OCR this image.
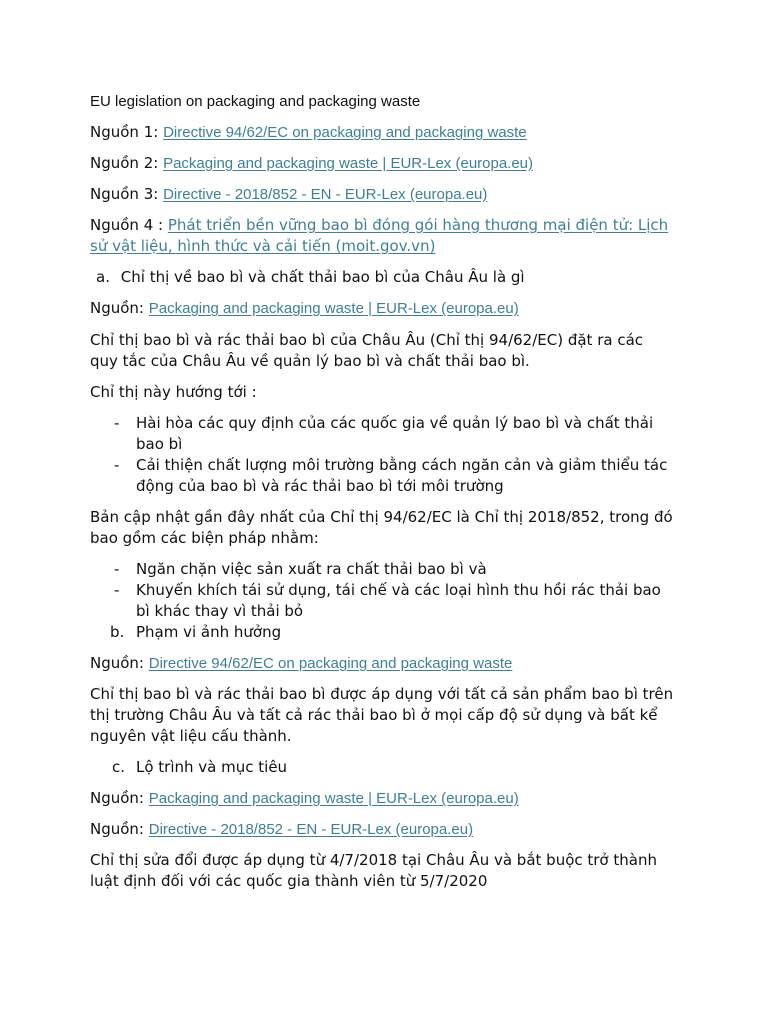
EU legislation on packaging and packaging waste
Nguồn 1: Directive 94/62/EC on packaging and packaging waste
Nguồn 2: Packaging and packaging waste | EUR-Lex (europa.eu)
Nguồn 3: Directive - 2018/852 - EN - EUR-Lex (europa.eu)
Nguồn 4 : Phát triển bền vững bao bì đóng gói hàng thương mại điện tử: Lịch
sử vật liệu, hình thức và cải tiến (moit.gov.vn)
a. Chỉ thị về bao bì và chất thải bao bì của Châu Âu là gì
Nguồn: Packaging and packaging waste | EUR-Lex (europa.eu)
Chỉ thị bao bì và rác thải bao bì của Châu Âu (Chỉ thị 94/62/EC) đặt ra các
quy tắc của Châu Âu về quản lý bao bì và chất thải bao bì.
Chỉ thị này hướng tới :
- Hài hòa các quy định của các quốc gia về quản lý bao bì và chất thải
bao bì
- Cải thiện chất lượng môi trường bằng cách ngăn cản và giảm thiểu tác
động của bao bì và rác thải bao bì tới môi trường
Bản cập nhật gần đây nhất của Chỉ thị 94/62/EC là Chỉ thị 2018/852, trong đó
bao gồm các biện pháp nhằm:
- Ngăn chặn việc sản xuất ra chất thải bao bì và
- Khuyến khích tái sử dụng, tái chế và các loại hình thu hồi rác thải bao
bì khác thay vì thải bỏ
b. Phạm vi ảnh hưởng
Nguồn: Directive 94/62/EC on packaging and packaging waste
Chỉ thị bao bì và rác thải bao bì được áp dụng với tất cả sản phẩm bao bì trên
thị trường Châu Âu và tất cả rác thải bao bì ở mọi cấp độ sử dụng và bất kể
nguyên vật liệu cấu thành.
c. Lộ trình và mục tiêu
Nguồn: Packaging and packaging waste | EUR-Lex (europa.eu)
Nguồn: Directive - 2018/852 - EN - EUR-Lex (europa.eu)
Chỉ thị sửa đổi được áp dụng từ 4/7/2018 tại Châu Âu và bắt buộc trở thành
luật định đối với các quốc gia thành viên từ 5/7/2020
